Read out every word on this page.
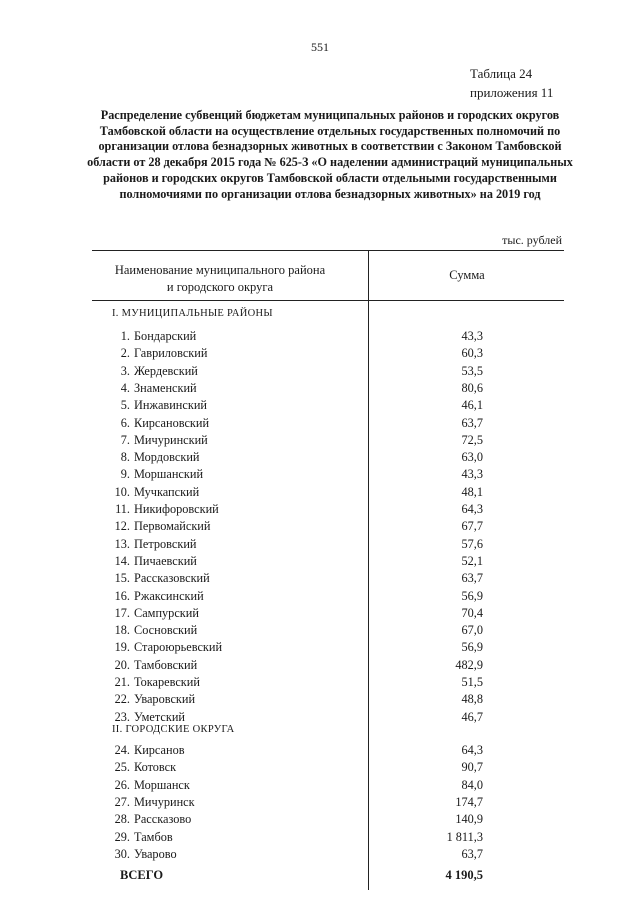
551
Таблица 24
приложения 11
Распределение субвенций бюджетам муниципальных районов и городских округов Тамбовской области на осуществление отдельных государственных полномочий по организации отлова безнадзорных животных в соответствии с Законом Тамбовской области от 28 декабря 2015 года № 625-З «О наделении администраций муниципальных районов и городских округов Тамбовской области отдельными государственными полномочиями по организации отлова безнадзорных животных» на 2019 год
тыс. рублей
Наименование муниципального района
и городского округа
Сумма
I. МУНИЦИПАЛЬНЫЕ РАЙОНЫ
II. ГОРОДСКИЕ ОКРУГА
1. Бондарский	43,3
2. Гавриловский	60,3
3. Жердевский	53,5
4. Знаменский	80,6
5. Инжавинский	46,1
6. Кирсановский	63,7
7. Мичуринский	72,5
8. Мордовский	63,0
9. Моршанский	43,3
10. Мучкапский	48,1
11. Никифоровский	64,3
12. Первомайский	67,7
13. Петровский	57,6
14. Пичаевский	52,1
15. Рассказовский	63,7
16. Ржаксинский	56,9
17. Сампурский	70,4
18. Сосновский	67,0
19. Староюрьевский	56,9
20. Тамбовский	482,9
21. Токаревский	51,5
22. Уваровский	48,8
23. Уметский	46,7
24. Кирсанов	64,3
25. Котовск	90,7
26. Моршанск	84,0
27. Мичуринск	174,7
28. Рассказово	140,9
29. Тамбов	1 811,3
30. Уварово	63,7
ВСЕГО	4 190,5
